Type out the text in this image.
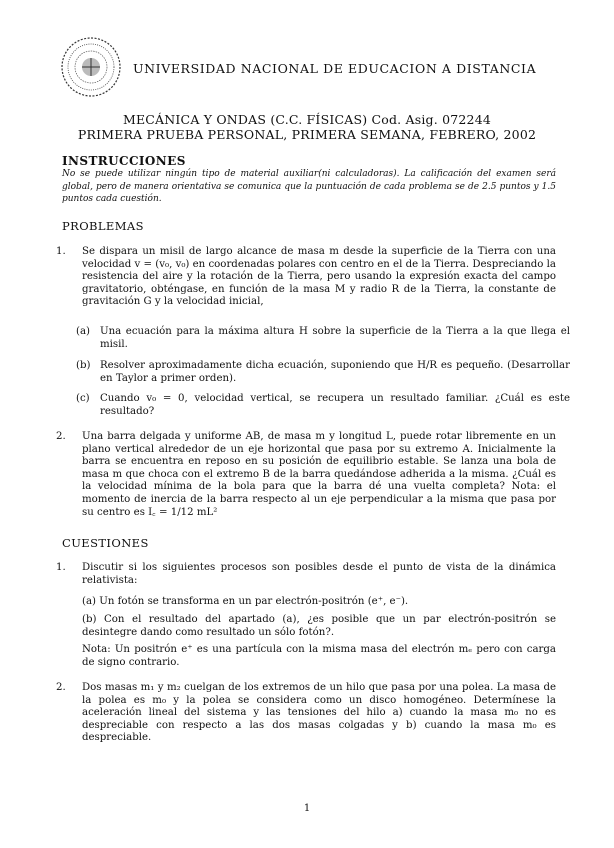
UNIVERSIDAD NACIONAL DE EDUCACION A DISTANCIA
MECÁNICA Y ONDAS (C.C. FÍSICAS) Cod. Asig. 072244
PRIMERA PRUEBA PERSONAL, PRIMERA SEMANA, FEBRERO, 2002
INSTRUCCIONES
No se puede utilizar ningún tipo de material auxiliar(ni calculadoras). La calificación del examen será global, pero de manera orientativa se comunica que la puntuación de cada problema se de 2.5 puntos y 1.5 puntos cada cuestión.
PROBLEMAS
1. Se dispara un misil de largo alcance de masa m desde la superficie de la Tierra con una velocidad v = (v₀, v₀) en coordenadas polares con centro en el de la Tierra. Despreciando la resistencia del aire y la rotación de la Tierra, pero usando la expresión exacta del campo gravitatorio, obténgase, en función de la masa M y radio R de la Tierra, la constante de gravitación G y la velocidad inicial,
(a) Una ecuación para la máxima altura H sobre la superficie de la Tierra a la que llega el misil.
(b) Resolver aproximadamente dicha ecuación, suponiendo que H/R es pequeño. (Desarrollar en Taylor a primer orden).
(c) Cuando v₀ = 0, velocidad vertical, se recupera un resultado familiar. ¿Cuál es este resultado?
2. Una barra delgada y uniforme AB, de masa m y longitud L, puede rotar libremente en un plano vertical alrededor de un eje horizontal que pasa por su extremo A. Inicialmente la barra se encuentra en reposo en su posición de equilibrio estable. Se lanza una bola de masa m que choca con el extremo B de la barra quedándose adherida a la misma. ¿Cuál es la velocidad mínima de la bola para que la barra dé una vuelta completa? Nota: el momento de inercia de la barra respecto al un eje perpendicular a la misma que pasa por su centro es I꜀ = 1/12 mL²
CUESTIONES
1. Discutir si los siguientes procesos son posibles desde el punto de vista de la dinámica relativista:
(a) Un fotón se transforma en un par electrón-positrón (e⁺, e⁻).
(b) Con el resultado del apartado (a), ¿es posible que un par electrón-positrón se desintegre dando como resultado un sólo fotón?.
Nota: Un positrón e⁺ es una partícula con la misma masa del electrón mₑ pero con carga de signo contrario.
2. Dos masas m₁ y m₂ cuelgan de los extremos de un hilo que pasa por una polea. La masa de la polea es m₀ y la polea se considera como un disco homogéneo. Determínese la aceleración lineal del sistema y las tensiones del hilo a) cuando la masa m₀ no es despreciable con respecto a las dos masas colgadas y b) cuando la masa m₀ es despreciable.
1
